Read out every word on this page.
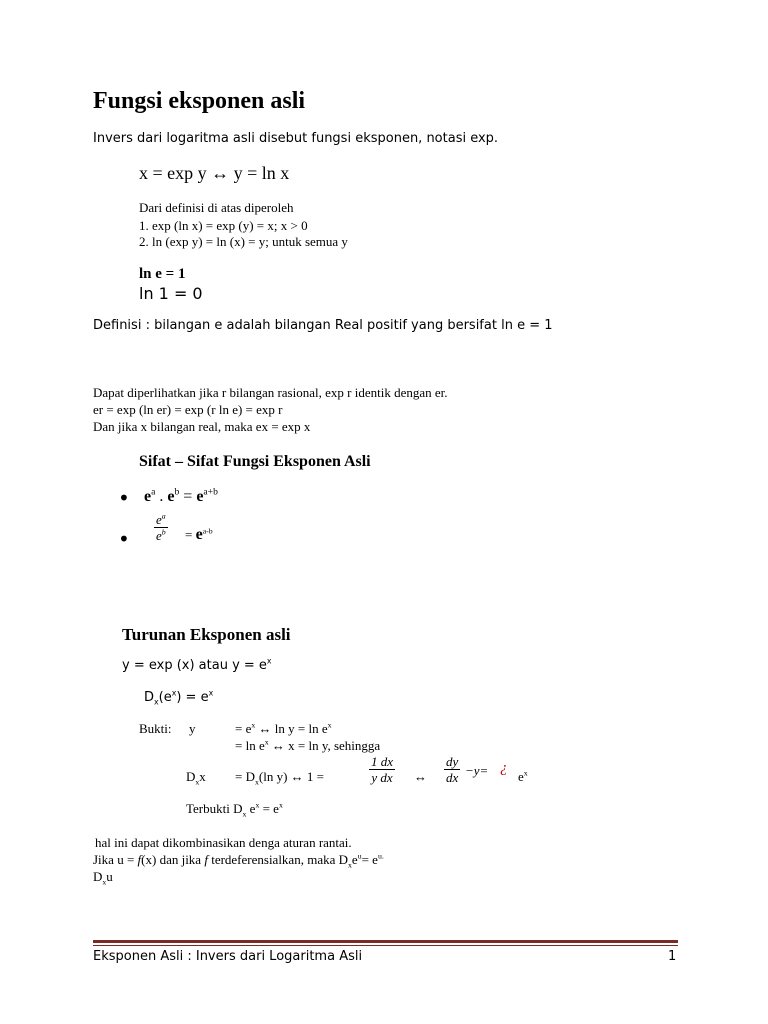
Fungsi eksponen asli
Invers dari logaritma asli disebut fungsi eksponen, notasi exp.
x = exp y ↔ y = ln x
Dari definisi di atas diperoleh
1. exp (ln x) = exp (y) = x; x > 0
2. ln (exp y) = ln (x) = y; untuk semua y
ln e = 1
ln 1 = 0
Definisi : bilangan e adalah bilangan Real positif yang bersifat ln e = 1
Dapat diperlihatkan jika r bilangan rasional, exp r identik dengan er.
er = exp (ln er) = exp (r ln e) = exp r
Dan jika x bilangan real, maka ex = exp x
Sifat – Sifat Fungsi Eksponen Asli
• $e^a$ . $e^b = e^{a+b}$
• $\frac{e^a}{e^b} = e^{a-b}$
Turunan Eksponen asli
y = exp (x) atau $y = e^x$
$D_x(e^x) = e^x$
Bukti: y	= $e^x$ ↔ $\ln y = \ln e^x$
= $\ln e^x$ ↔ x = ln y, sehingga
$D_xx = D_x(\ln$ y) ↔ 1 =	$\frac{1 dx}{\text{y dx}}$ ↔ $\frac{dy}{dx} -y=$ ¿
$e^x$
Terbukti $D_x$ $e^x = e^x$
hal ini dapat dikombinasikan denga aturan rantai.
Jika u = f(x) dan jika f terdeferensialkan, maka $D_xe^u= e^{u.}$
$D_xu$
Eksponen Asli : Invers dari Logaritma Asli	1
